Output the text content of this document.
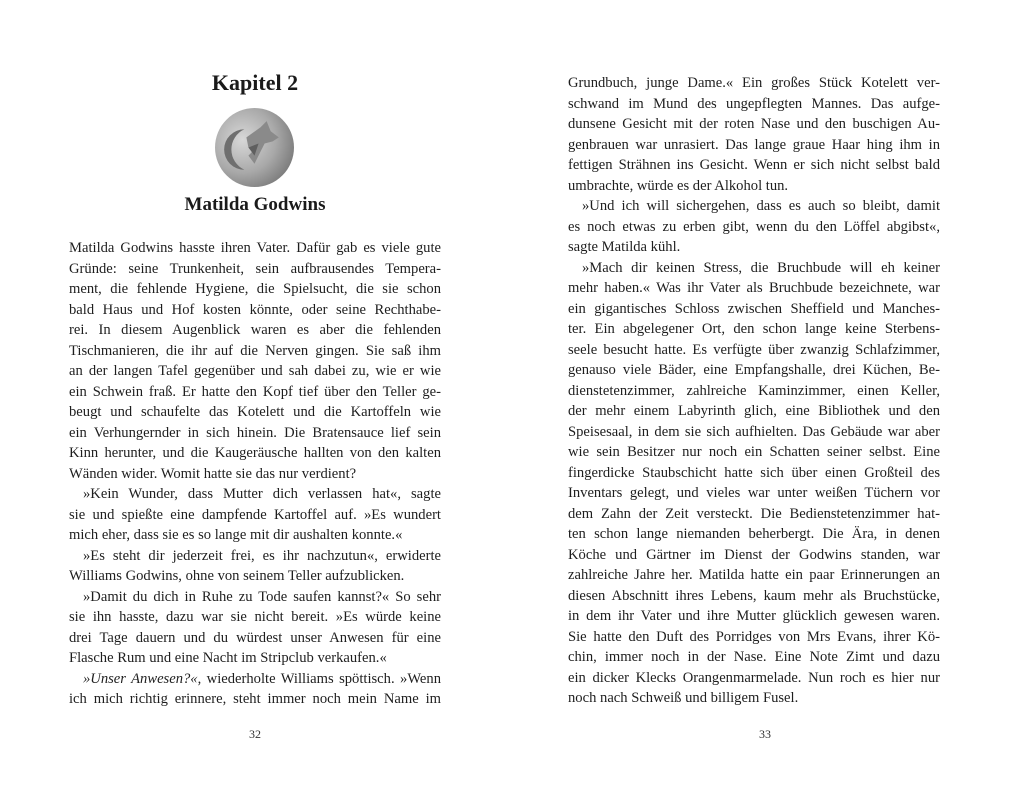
Kapitel 2
Matilda Godwins
Matilda Godwins hasste ihren Vater. Dafür gab es viele gute
Gründe: seine Trunkenheit, sein aufbrausendes Tempera-
ment, die fehlende Hygiene, die Spielsucht, die sie schon
bald Haus und Hof kosten könnte, oder seine Rechthabe-
rei. In diesem Augenblick waren es aber die fehlenden
Tischmanieren, die ihr auf die Nerven gingen. Sie saß ihm
an der langen Tafel gegenüber und sah dabei zu, wie er wie
ein Schwein fraß. Er hatte den Kopf tief über den Teller ge-
beugt und schaufelte das Kotelett und die Kartoffeln wie
ein Verhungernder in sich hinein. Die Bratensauce lief sein
Kinn herunter, und die Kaugeräusche hallten von den kalten
Wänden wider. Womit hatte sie das nur verdient?
»Kein Wunder, dass Mutter dich verlassen hat«, sagte
sie und spießte eine dampfende Kartoffel auf. »Es wundert
mich eher, dass sie es so lange mit dir aushalten konnte.«
»Es steht dir jederzeit frei, es ihr nachzutun«, erwiderte
Williams Godwins, ohne von seinem Teller aufzublicken.
»Damit du dich in Ruhe zu Tode saufen kannst?« So sehr
sie ihn hasste, dazu war sie nicht bereit. »Es würde keine
drei Tage dauern und du würdest unser Anwesen für eine
Flasche Rum und eine Nacht im Stripclub verkaufen.«
»Unser Anwesen?«, wiederholte Williams spöttisch. »Wenn
ich mich richtig erinnere, steht immer noch mein Name im
32
Grundbuch, junge Dame.« Ein großes Stück Kotelett ver-
schwand im Mund des ungepflegten Mannes. Das aufge-
dunsene Gesicht mit der roten Nase und den buschigen Au-
genbrauen war unrasiert. Das lange graue Haar hing ihm in
fettigen Strähnen ins Gesicht. Wenn er sich nicht selbst bald
umbrachte, würde es der Alkohol tun.
»Und ich will sichergehen, dass es auch so bleibt, damit
es noch etwas zu erben gibt, wenn du den Löffel abgibst«,
sagte Matilda kühl.
»Mach dir keinen Stress, die Bruchbude will eh keiner
mehr haben.« Was ihr Vater als Bruchbude bezeichnete, war
ein gigantisches Schloss zwischen Sheffield und Manches-
ter. Ein abgelegener Ort, den schon lange keine Sterbens-
seele besucht hatte. Es verfügte über zwanzig Schlafzimmer,
genauso viele Bäder, eine Empfangshalle, drei Küchen, Be-
dienstetenzimmer, zahlreiche Kaminzimmer, einen Keller,
der mehr einem Labyrinth glich, eine Bibliothek und den
Speisesaal, in dem sie sich aufhielten. Das Gebäude war aber
wie sein Besitzer nur noch ein Schatten seiner selbst. Eine
fingerdicke Staubschicht hatte sich über einen Großteil des
Inventars gelegt, und vieles war unter weißen Tüchern vor
dem Zahn der Zeit versteckt. Die Bedienstetenzimmer hat-
ten schon lange niemanden beherbergt. Die Ära, in denen
Köche und Gärtner im Dienst der Godwins standen, war
zahlreiche Jahre her. Matilda hatte ein paar Erinnerungen an
diesen Abschnitt ihres Lebens, kaum mehr als Bruchstücke,
in dem ihr Vater und ihre Mutter glücklich gewesen waren.
Sie hatte den Duft des Porridges von Mrs Evans, ihrer Kö-
chin, immer noch in der Nase. Eine Note Zimt und dazu
ein dicker Klecks Orangenmarmelade. Nun roch es hier nur
noch nach Schweiß und billigem Fusel.
33
